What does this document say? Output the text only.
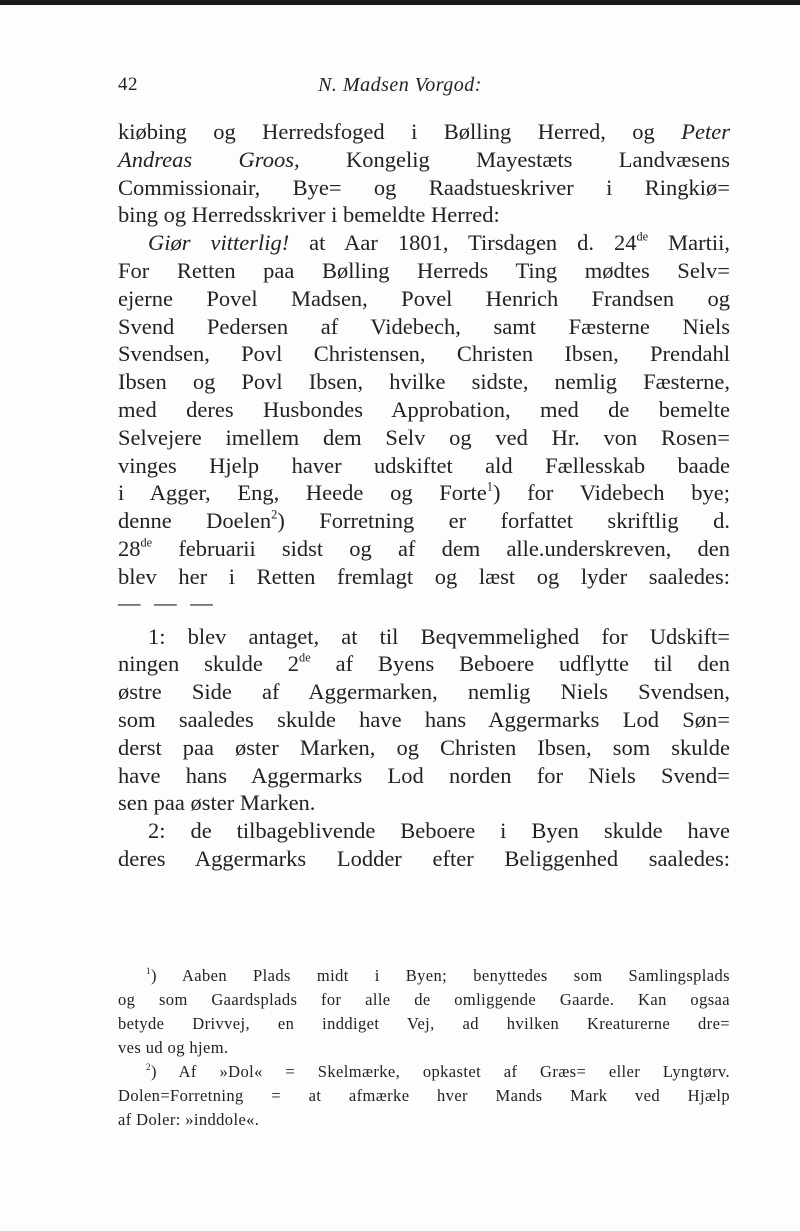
42	N. Madsen Vorgod:
kiøbing og Herredsfoged i Bølling Herred, og Peter
Andreas Groos, Kongelig Mayestæts Landvæsens
Commissionair, Bye= og Raadstueskriver i Ringkiø=
bing og Herredsskriver i bemeldte Herred:
Giør vitterlig! at Aar 1801, Tirsdagen d. 24de Martii,
For Retten paa Bølling Herreds Ting mødtes Selv=
ejerne Povel Madsen, Povel Henrich Frandsen og
Svend Pedersen af Videbech, samt Fæsterne Niels
Svendsen, Povl Christensen, Christen Ibsen, Prendahl
Ibsen og Povl Ibsen, hvilke sidste, nemlig Fæsterne,
med deres Husbondes Approbation, med de bemelte
Selvejere imellem dem Selv og ved Hr. von Rosen=
vinges Hjelp haver udskiftet ald Fællesskab baade
i Agger, Eng, Heede og Forte$^1$) for Videbech bye;
denne Doelen$^2$) Forretning er forfattet skriftlig d.
28de februarii sidst og af dem alle.underskreven, den
blev her i Retten fremlagt og læst og lyder saaledes:
— — —
1: blev antaget, at til Beqvemmelighed for Udskift=
ningen skulde 2de af Byens Beboere udflytte til den
østre Side af Aggermarken, nemlig Niels Svendsen,
som saaledes skulde have hans Aggermarks Lod Søn=
derst paa øster Marken, og Christen Ibsen, som skulde
have hans Aggermarks Lod norden for Niels Svend=
sen paa øster Marken.
2: de tilbageblivende Beboere i Byen skulde have
deres Aggermarks Lodder efter Beliggenhed saaledes:
$^1$) Aaben Plads midt i Byen; benyttedes som Samlingsplads
og som Gaardsplads for alle de omliggende Gaarde. Kan ogsaa
betyde Drivvej, en inddiget Vej, ad hvilken Kreaturerne dre=
ves ud og hjem.
$^2$) Af »Dol« = Skelmærke, opkastet af Græs= eller Lyngtørv.
Dolen=Forretning = at afmærke hver Mands Mark ved Hjælp
af Doler: »inddole«.
